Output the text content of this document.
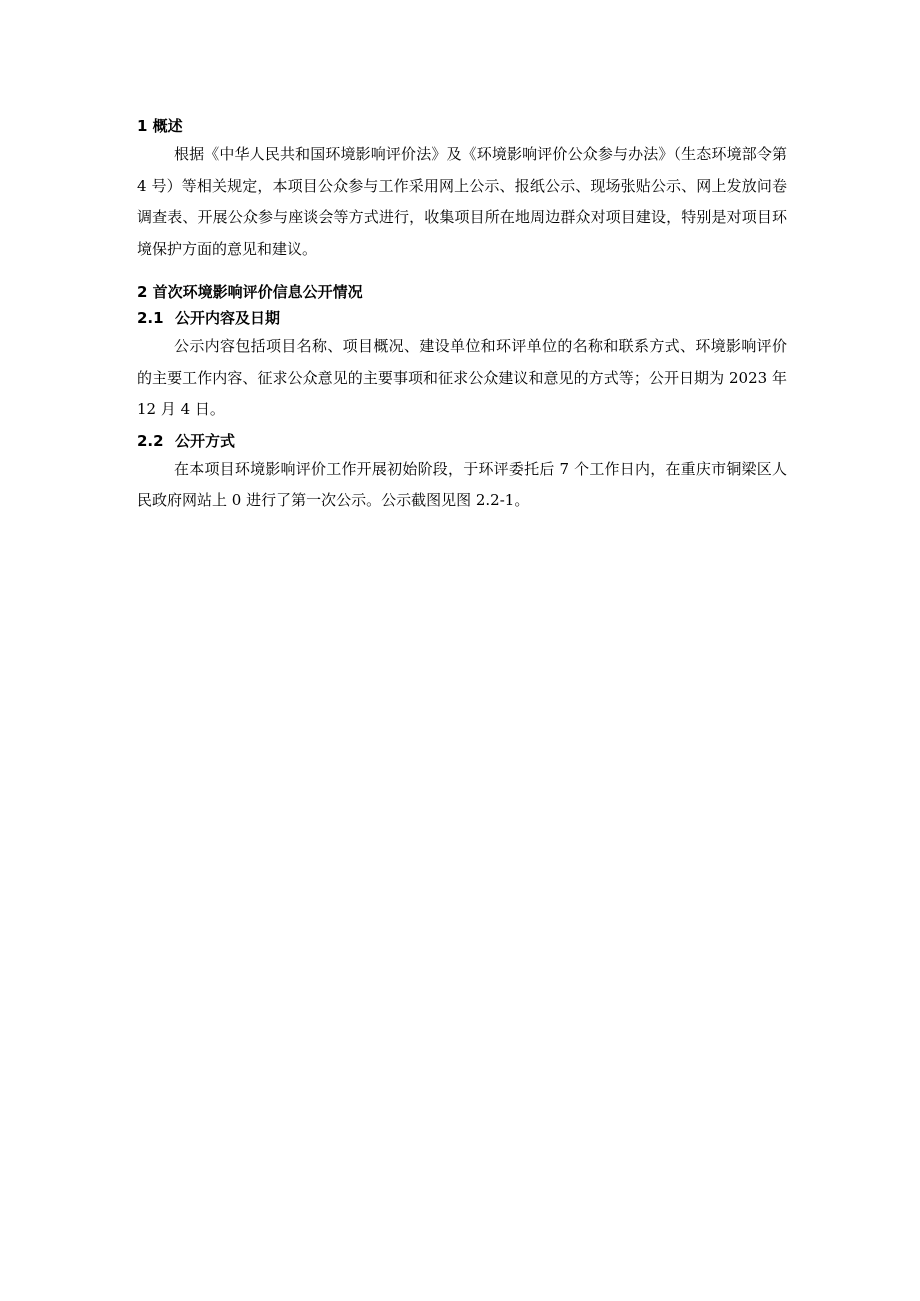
1 概述

根据《中华人民共和国环境影响评价法》及《环境影响评价公众参与办法》（生态环境部令第 4 号）等相关规定，本项目公众参与工作采用网上公示、报纸公示、现场张贴公示、网上发放问卷调查表、开展公众参与座谈会等方式进行，收集项目所在地周边群众对项目建设，特别是对项目环境保护方面的意见和建议。

2 首次环境影响评价信息公开情况
2.1 公开内容及日期

公示内容包括项目名称、项目概况、建设单位和环评单位的名称和联系方式、环境影响评价的主要工作内容、征求公众意见的主要事项和征求公众建议和意见的方式等；公开日期为 2023 年 12 月 4 日。

2.2 公开方式

在本项目环境影响评价工作开展初始阶段，于环评委托后 7 个工作日内，在重庆市铜梁区人民政府网站上 0 进行了第一次公示。公示截图见图 2.2-1。
